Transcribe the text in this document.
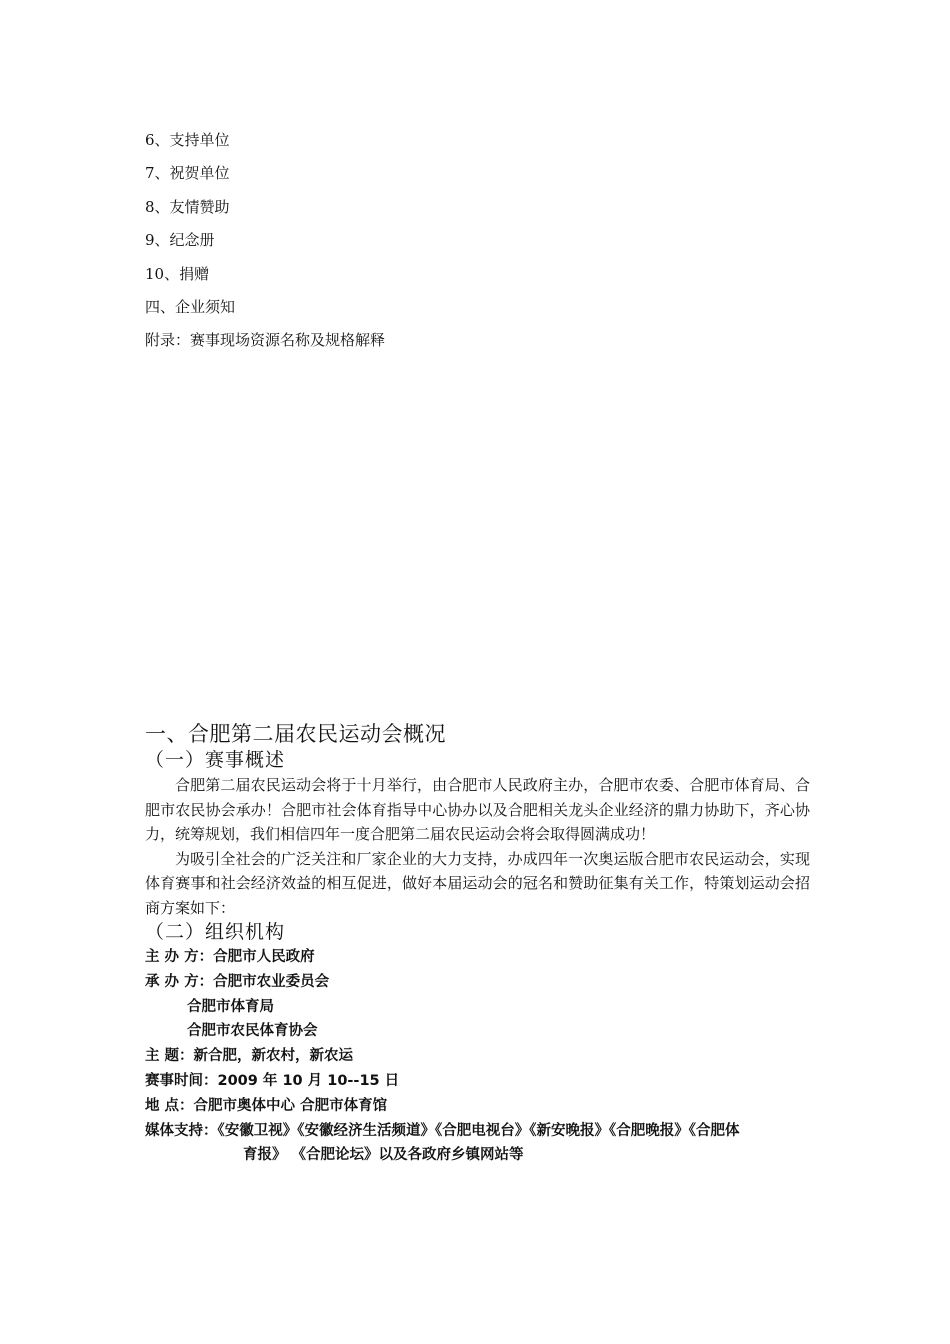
6、支持单位
7、祝贺单位
8、友情赞助
9、纪念册
10、捐赠
四、企业须知
附录：赛事现场资源名称及规格解释
一、合肥第二届农民运动会概况
（一）赛事概述

合肥第二届农民运动会将于十月举行，由合肥市人民政府主办，合肥市农委、合肥市体育局、合肥市农民协会承办！合肥市社会体育指导中心协办以及合肥相关龙头企业经济的鼎力协助下，齐心协力，统筹规划，我们相信四年一度合肥第二届农民运动会将会取得圆满成功！

为吸引全社会的广泛关注和厂家企业的大力支持，办成四年一次奥运版合肥市农民运动会，实现体育赛事和社会经济效益的相互促进，做好本届运动会的冠名和赞助征集有关工作，特策划运动会招商方案如下：

（二）组织机构
主 办 方：合肥市人民政府
承 办 方：合肥市农业委员会
合肥市体育局
合肥市农民体育协会
主 题：新合肥，新农村，新农运
赛事时间：2009 年 10 月 10--15 日
地 点：合肥市奥体中心 合肥市体育馆
媒体支持：《安徽卫视》《安徽经济生活频道》《合肥电视台》《新安晚报》《合肥晚报》《合肥体
育报》 《合肥论坛》以及各政府乡镇网站等
